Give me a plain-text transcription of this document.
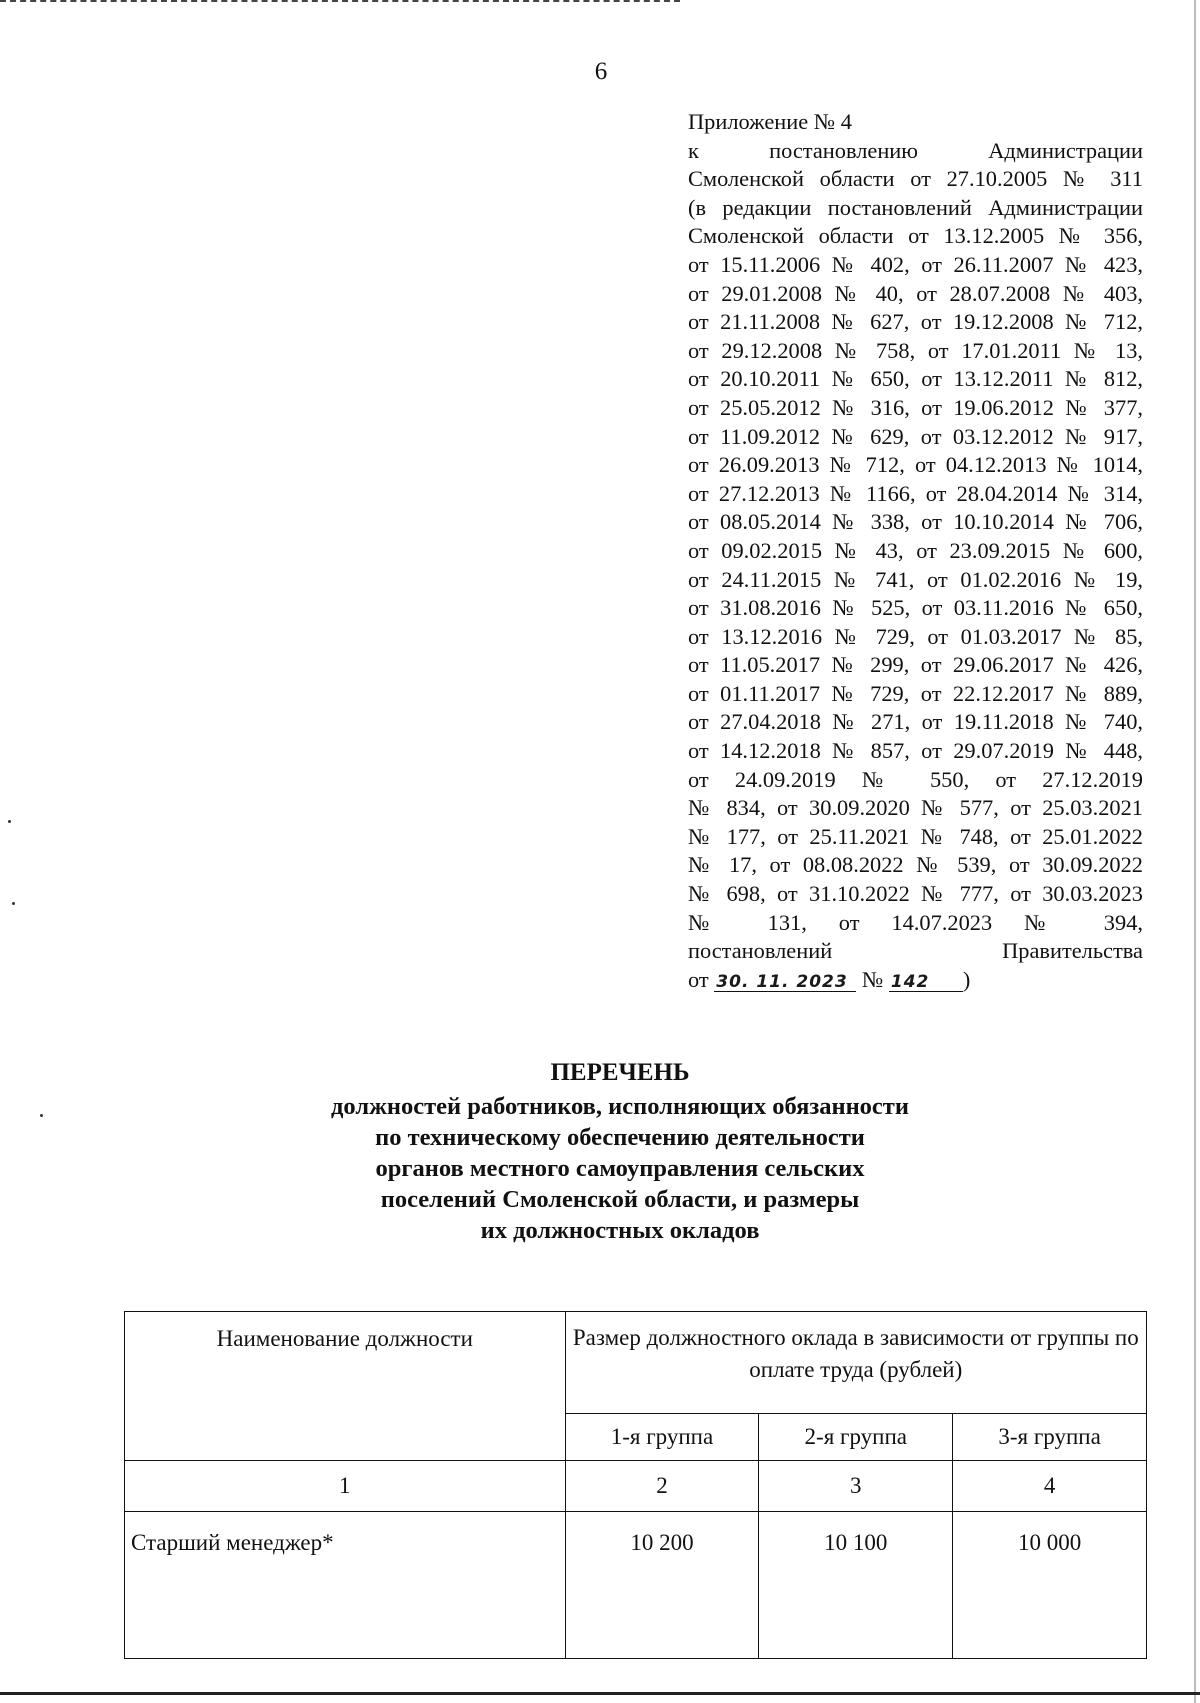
6
Приложение № 4
к постановлению Администрации
Смоленской области от 27.10.2005 № 311
(в редакции постановлений Администрации
Смоленской области от 13.12.2005 № 356,
от 15.11.2006 № 402, от 26.11.2007 № 423,
от 29.01.2008 № 40, от 28.07.2008 № 403,
от 21.11.2008 № 627, от 19.12.2008 № 712,
от 29.12.2008 № 758, от 17.01.2011 № 13,
от 20.10.2011 № 650, от 13.12.2011 № 812,
от 25.05.2012 № 316, от 19.06.2012 № 377,
от 11.09.2012 № 629, от 03.12.2012 № 917,
от 26.09.2013 № 712, от 04.12.2013 № 1014,
от 27.12.2013 № 1166, от 28.04.2014 № 314,
от 08.05.2014 № 338, от 10.10.2014 № 706,
от 09.02.2015 № 43, от 23.09.2015 № 600,
от 24.11.2015 № 741, от 01.02.2016 № 19,
от 31.08.2016 № 525, от 03.11.2016 № 650,
от 13.12.2016 № 729, от 01.03.2017 № 85,
от 11.05.2017 № 299, от 29.06.2017 № 426,
от 01.11.2017 № 729, от 22.12.2017 № 889,
от 27.04.2018 № 271, от 19.11.2018 № 740,
от 14.12.2018 № 857, от 29.07.2019 № 448,
от 24.09.2019 № 550, от 27.12.2019
№ 834, от 30.09.2020 № 577, от 25.03.2021
№ 177, от 25.11.2021 № 748, от 25.01.2022
№ 17, от 08.08.2022 № 539, от 30.09.2022
№ 698, от 31.10.2022 № 777, от 30.03.2023
№ 131, от 14.07.2023 № 394,
постановлений Правительства
от 30. 11. 2023 № 142 )
ПЕРЕЧЕНЬ
должностей работников, исполняющих обязанности
по техническому обеспечению деятельности
органов местного самоуправления сельских
поселений Смоленской области, и размеры
их должностных окладов
Наименование должности	Размер должностного оклада в зависимости от группы по оплате труда (рублей)		
	1-я группа	2-я группа	3-я группа
1	2	3	4
Старший менеджер*	10 200	10 100	10 000
